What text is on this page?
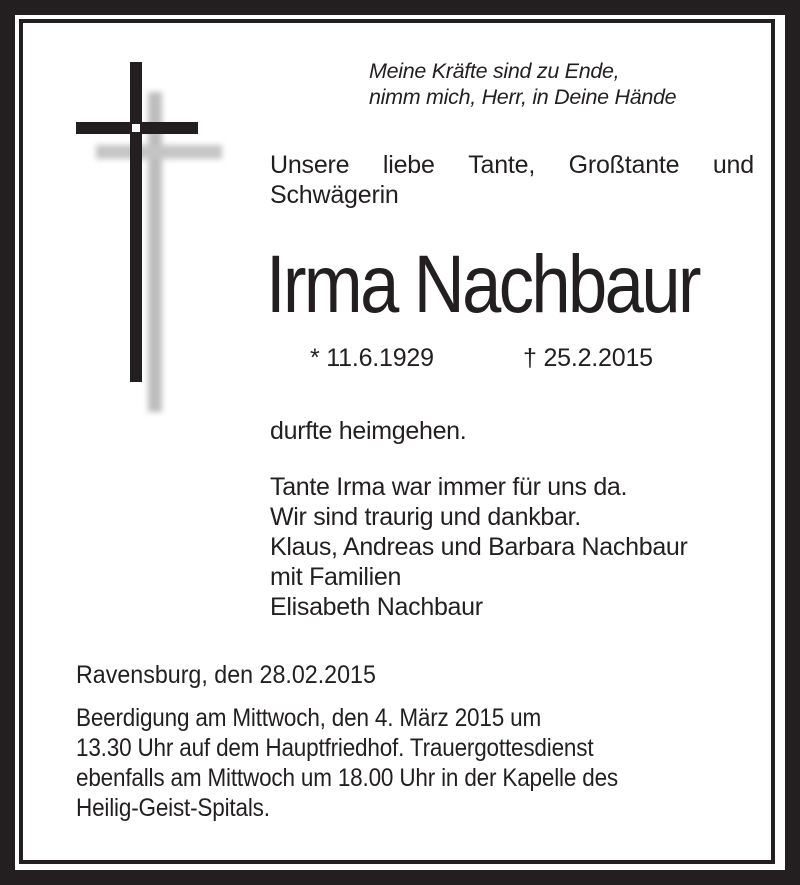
Meine Kräfte sind zu Ende,
nimm mich, Herr, in Deine Hände
Unsere liebe Tante, Großtante und
Schwägerin
Irma Nachbaur
* 11.6.1929	† 25.2.2015
durfte heimgehen.
Tante Irma war immer für uns da.
Wir sind traurig und dankbar.
Klaus, Andreas und Barbara Nachbaur
mit Familien
Elisabeth Nachbaur
Ravensburg, den 28.02.2015
Beerdigung am Mittwoch, den 4. März 2015 um
13.30 Uhr auf dem Hauptfriedhof. Trauergottesdienst
ebenfalls am Mittwoch um 18.00 Uhr in der Kapelle des
Heilig-Geist-Spitals.
